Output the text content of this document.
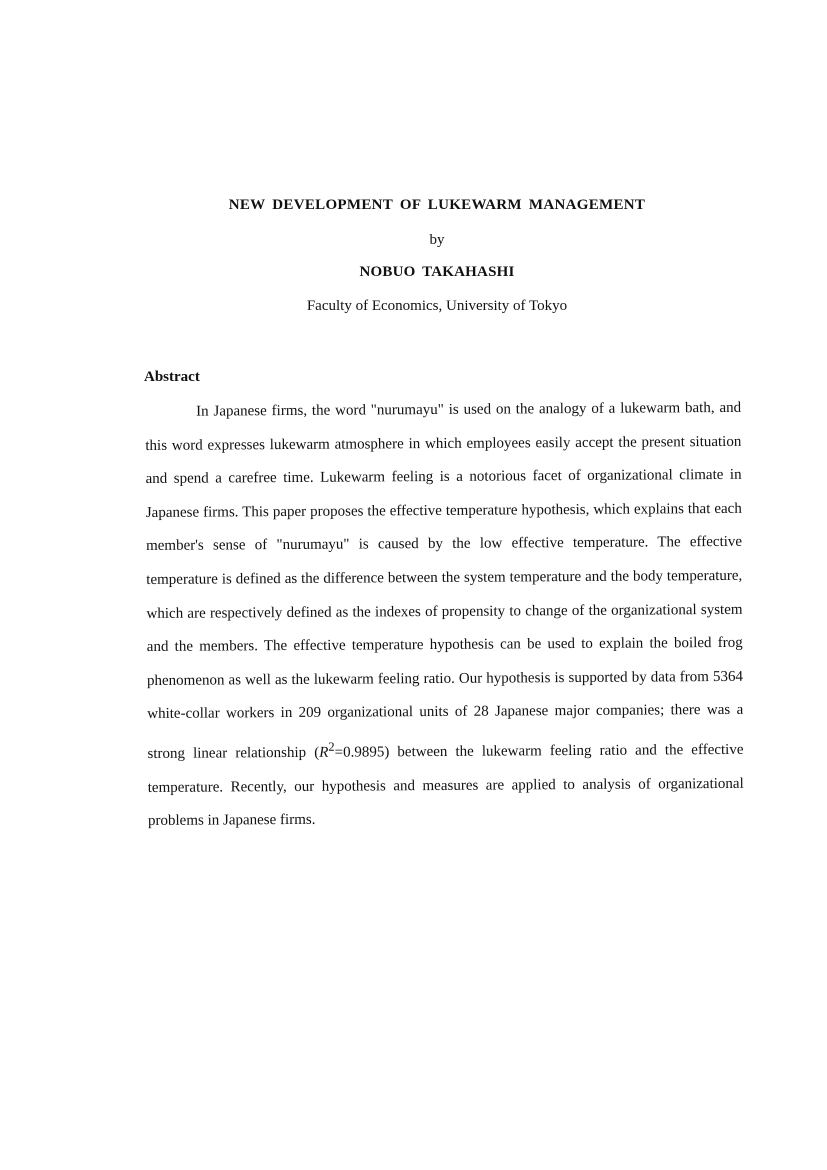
NEW DEVELOPMENT OF LUKEWARM MANAGEMENT
by
NOBUO TAKAHASHI
Faculty of Economics, University of Tokyo
Abstract
In Japanese firms, the word "nurumayu" is used on the analogy of a lukewarm bath, and this word expresses lukewarm atmosphere in which employees easily accept the present situation and spend a carefree time. Lukewarm feeling is a notorious facet of organizational climate in Japanese firms. This paper proposes the effective temperature hypothesis, which explains that each member's sense of "nurumayu" is caused by the low effective temperature. The effective temperature is defined as the difference between the system temperature and the body temperature, which are respectively defined as the indexes of propensity to change of the organizational system and the members. The effective temperature hypothesis can be used to explain the boiled frog phenomenon as well as the lukewarm feeling ratio. Our hypothesis is supported by data from 5364 white-collar workers in 209 organizational units of 28 Japanese major companies; there was a strong linear relationship $(R^2=0.9895)$ between the lukewarm feeling ratio and the effective temperature. Recently, our hypothesis and measures are applied to analysis of organizational problems in Japanese firms.
